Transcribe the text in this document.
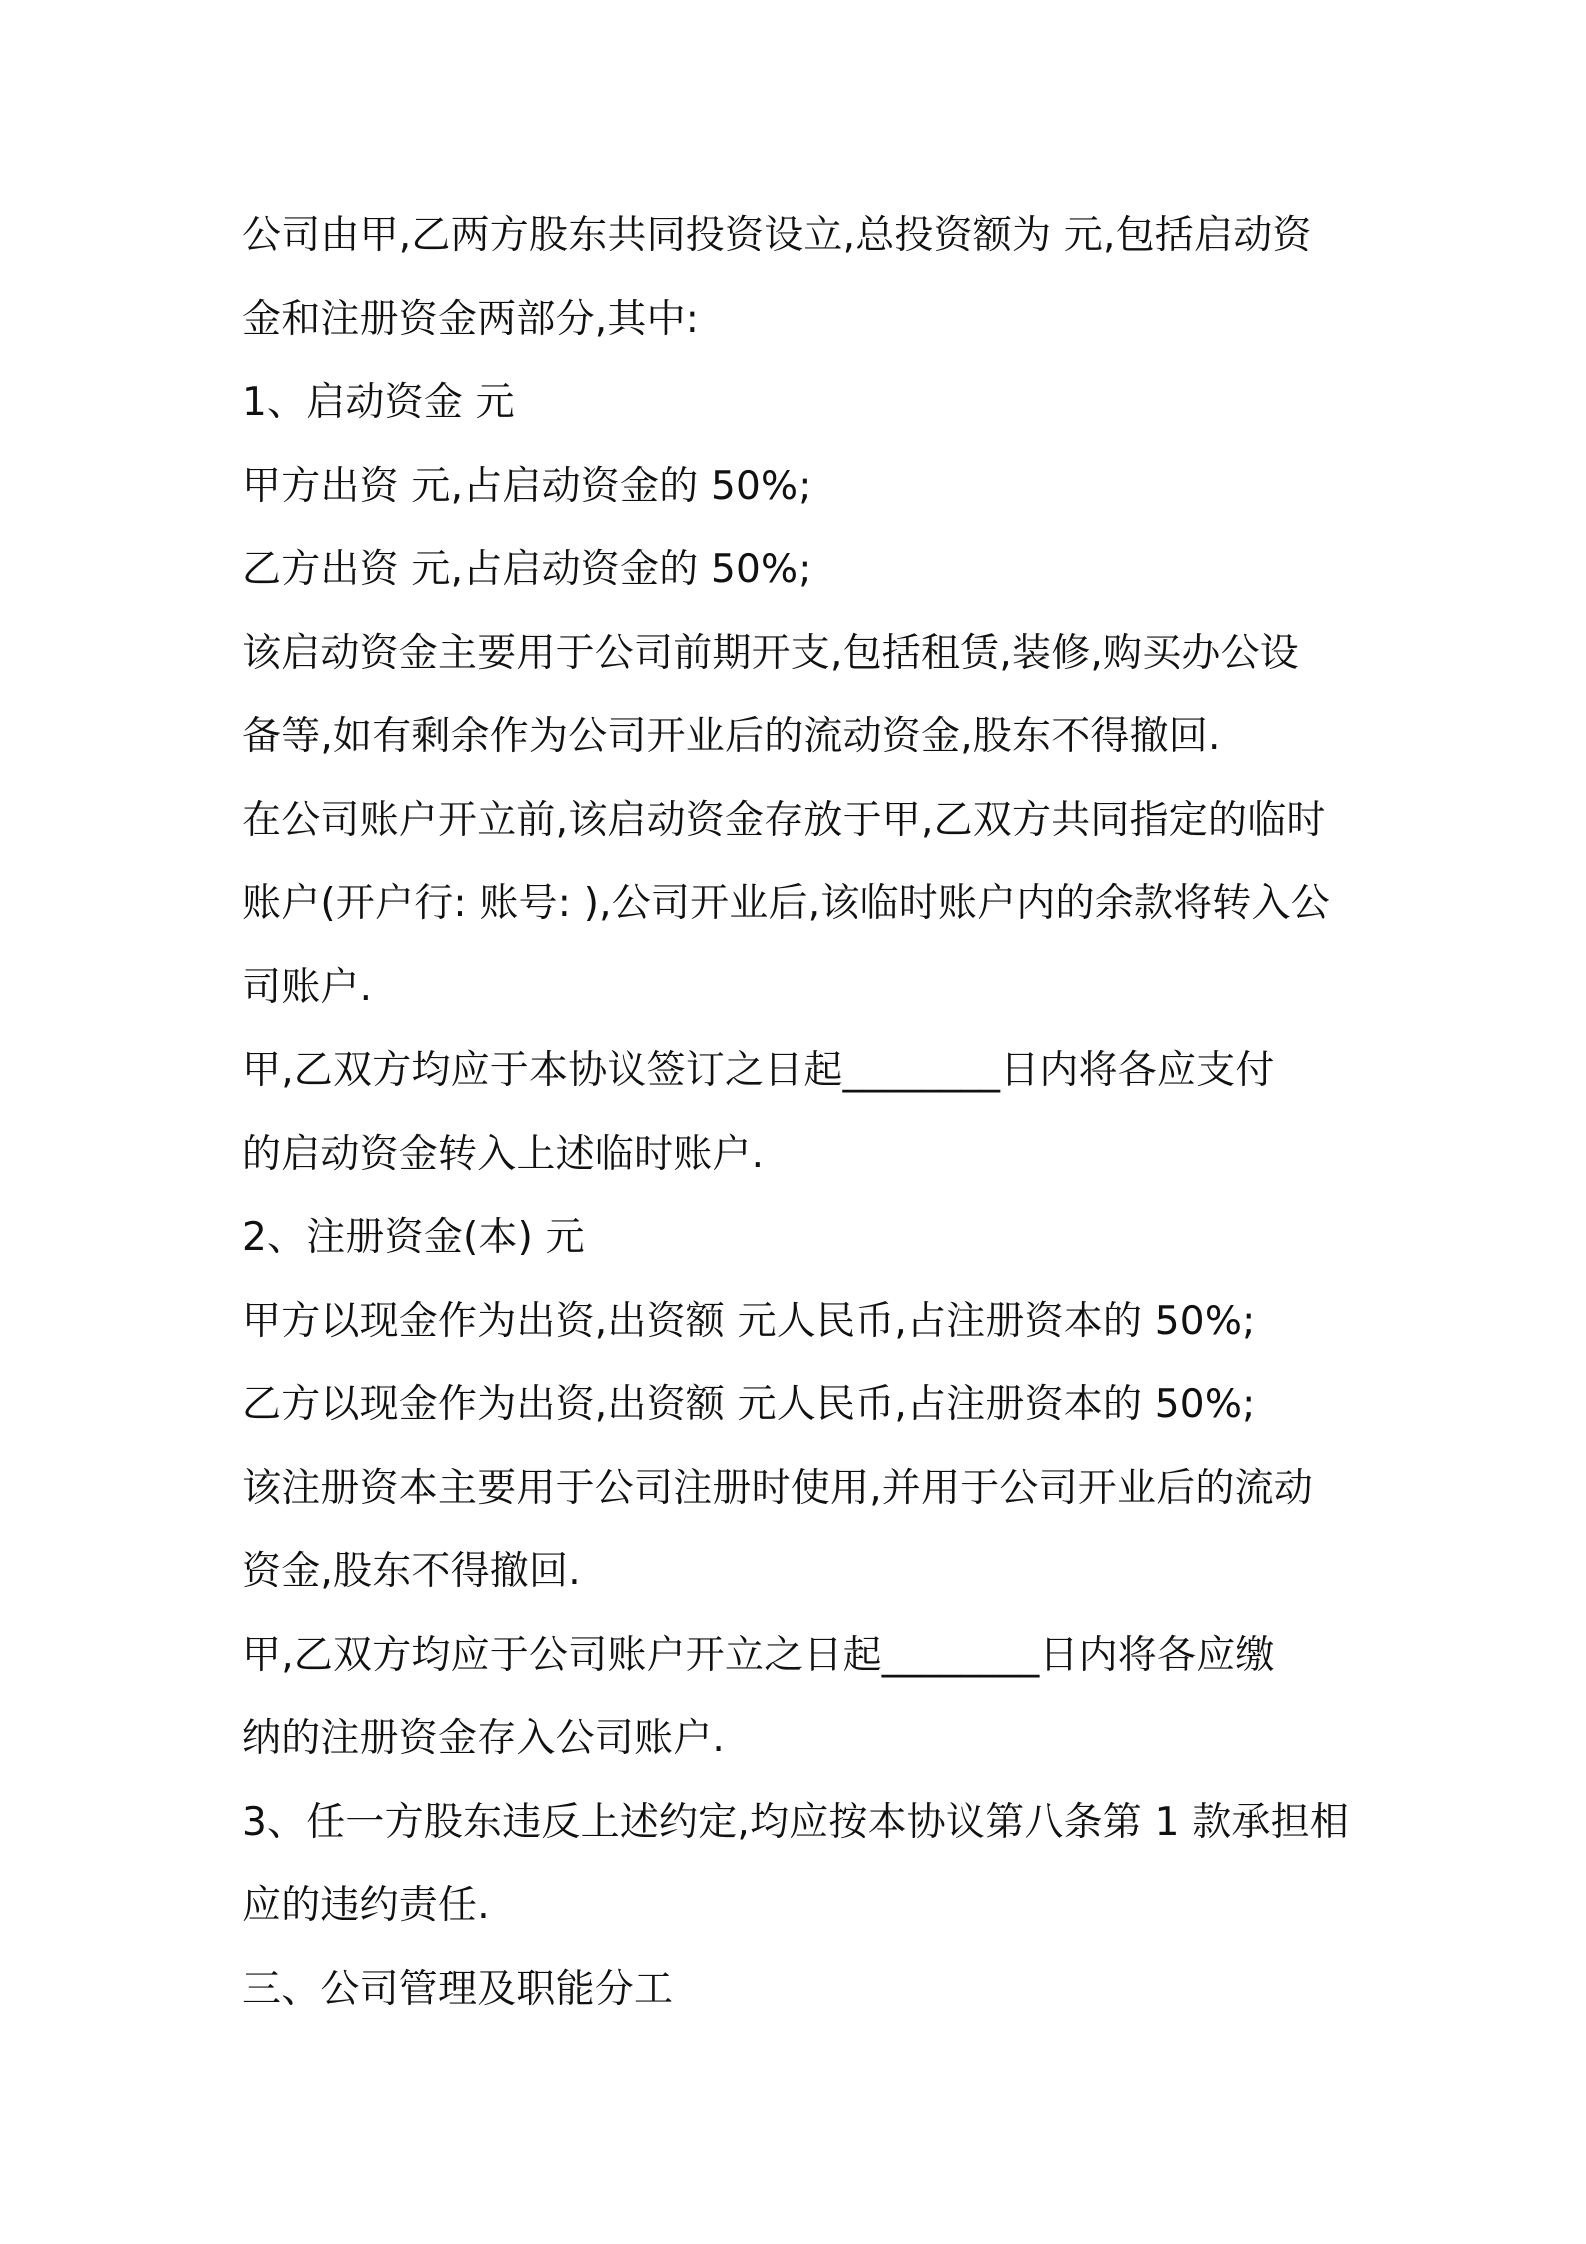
公司由甲,乙两方股东共同投资设立,总投资额为 元,包括启动资
金和注册资金两部分,其中:
1、启动资金 元
甲方出资 元,占启动资金的 50%;
乙方出资 元,占启动资金的 50%;
该启动资金主要用于公司前期开支,包括租赁,装修,购买办公设
备等,如有剩余作为公司开业后的流动资金,股东不得撤回.
在公司账户开立前,该启动资金存放于甲,乙双方共同指定的临时
账户(开户行: 账号: ),公司开业后,该临时账户内的余款将转入公
司账户.
甲,乙双方均应于本协议签订之日起________日内将各应支付
的启动资金转入上述临时账户.
2、注册资金(本) 元
甲方以现金作为出资,出资额 元人民币,占注册资本的 50%;
乙方以现金作为出资,出资额 元人民币,占注册资本的 50%;
该注册资本主要用于公司注册时使用,并用于公司开业后的流动
资金,股东不得撤回.
甲,乙双方均应于公司账户开立之日起________日内将各应缴
纳的注册资金存入公司账户.
3、任一方股东违反上述约定,均应按本协议第八条第 1 款承担相
应的违约责任.
三、公司管理及职能分工
